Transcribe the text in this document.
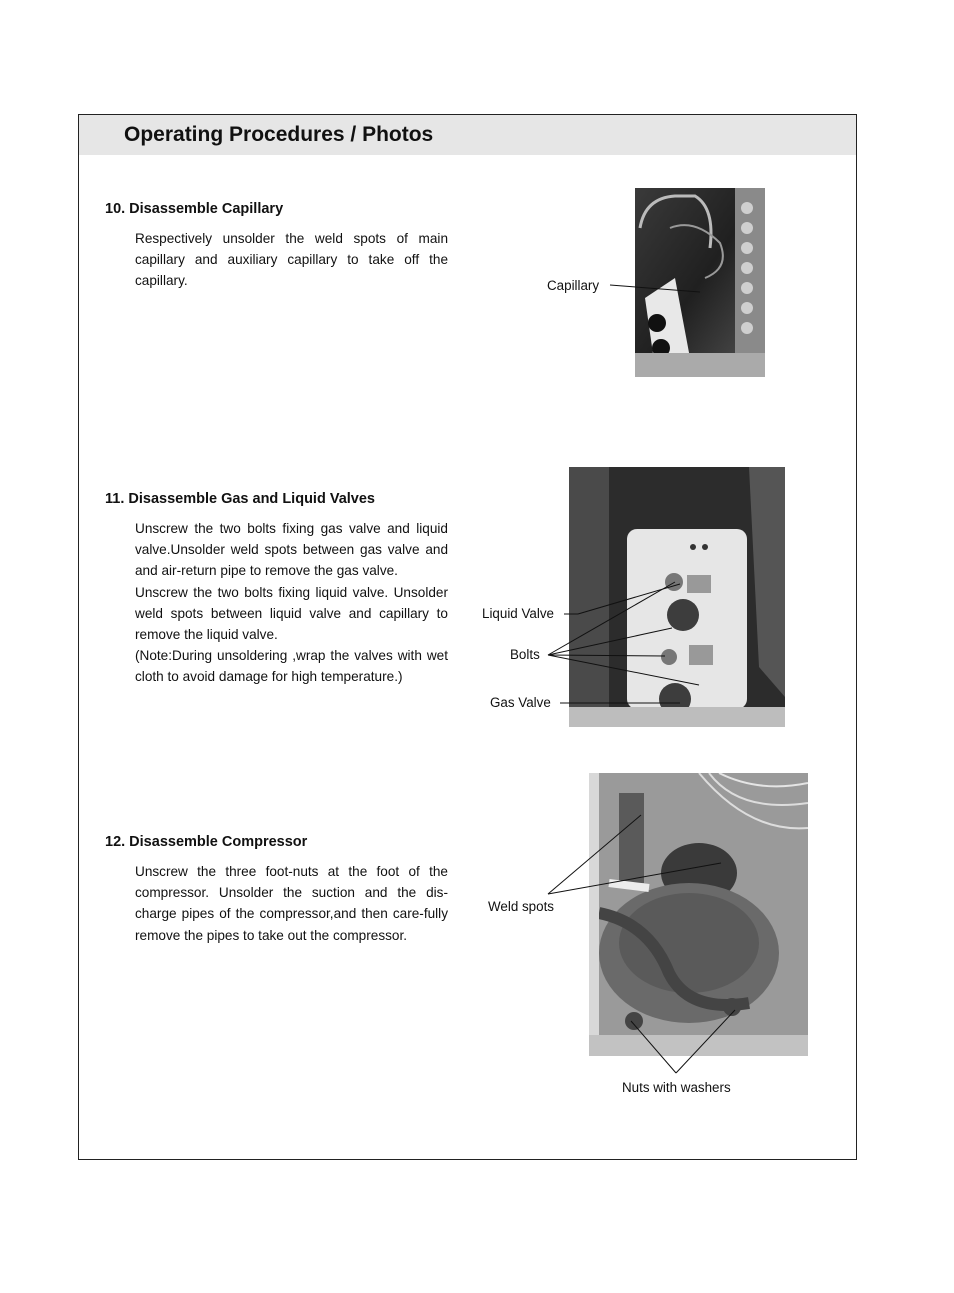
Operating Procedures / Photos
10. Disassemble Capillary

Respectively unsolder the weld spots of main capillary and auxiliary capillary to take off the capillary.	Capillary
11. Disassemble Gas and Liquid Valves

Unscrew the two bolts fixing gas valve and liquid valve.Unsolder weld spots between gas valve and and air-return pipe to remove the gas valve.

Unscrew the two bolts fixing liquid valve. Unsolder weld spots between liquid valve and capillary to remove the liquid valve.

(Note:During unsoldering ,wrap the valves with wet cloth to avoid damage for high temperature.)

Liquid Valve
Bolts
Gas Valve
12. Disassemble Compressor

Unscrew the three foot-nuts at the foot of the compressor. Unsolder the suction and the dis-charge pipes of the compressor,and then care-fully remove the pipes to take out the compressor.

Weld spots
Nuts with washers
